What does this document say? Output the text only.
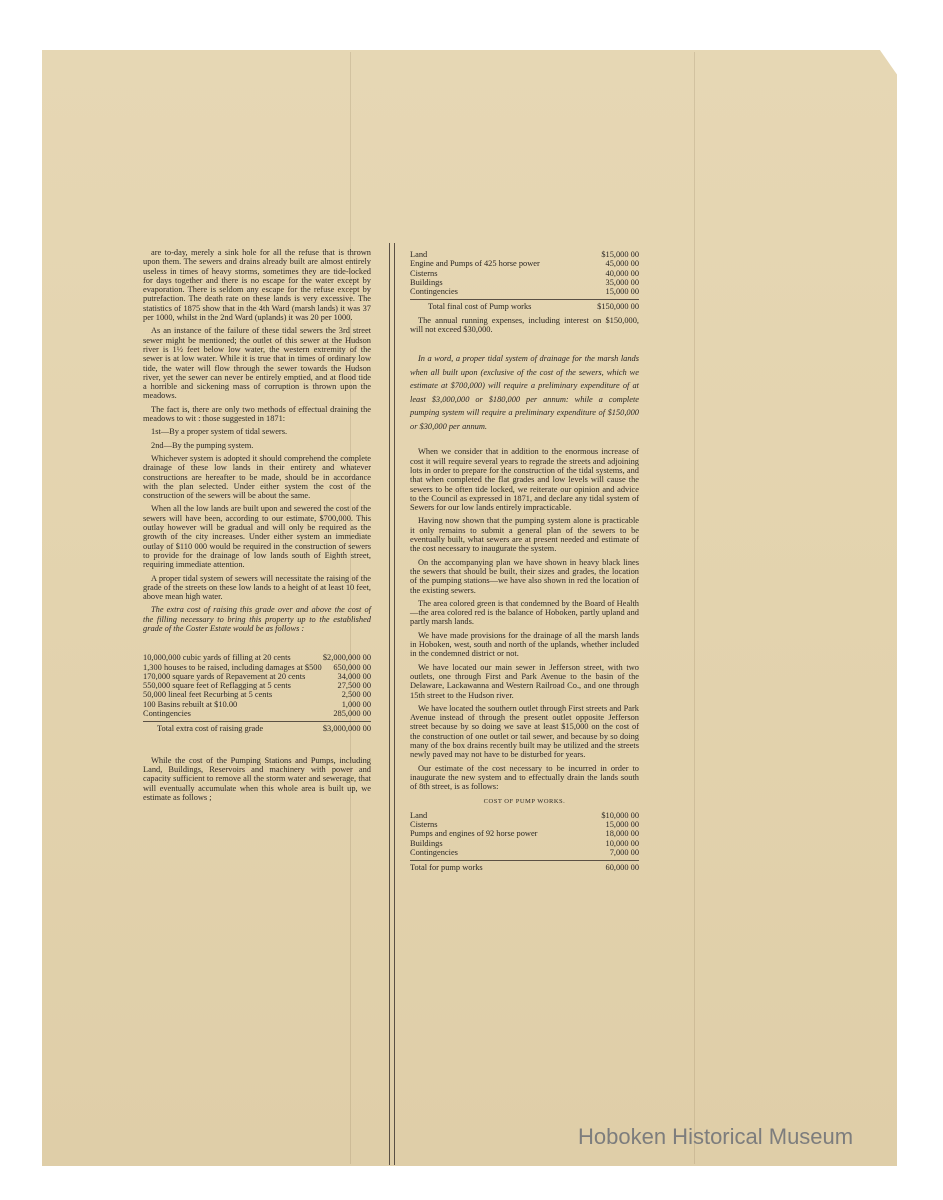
are to-day, merely a sink hole for all the refuse that is thrown upon them. The sewers and drains already built are almost entirely useless in times of heavy storms, sometimes they are tide-locked for days together and there is no escape for the water except by evaporation. There is seldom any escape for the refuse except by putrefaction. The death rate on these lands is very excessive. The statistics of 1875 show that in the 4th Ward (marsh lands) it was 37 per 1000, whilst in the 2nd Ward (uplands) it was 20 per 1000.

As an instance of the failure of these tidal sewers the 3rd street sewer might be mentioned; the outlet of this sewer at the Hudson river is 1½ feet below low water, the western extremity of the sewer is at low water. While it is true that in times of ordinary low tide, the water will flow through the sewer towards the Hudson river, yet the sewer can never be entirely emptied, and at flood tide a horrible and sickening mass of corruption is thrown upon the meadows.

The fact is, there are only two methods of effectual draining the meadows to wit : those suggested in 1871:

1st—By a proper system of tidal sewers.

2nd—By the pumping system.

Whichever system is adopted it should comprehend the complete drainage of these low lands in their entirety and whatever constructions are hereafter to be made, should be in accordance with the plan selected. Under either system the cost of the construction of the sewers will be about the same.

When all the low lands are built upon and sewered the cost of the sewers will have been, according to our estimate, $700,000. This outlay however will be gradual and will only be required as the growth of the city increases. Under either system an immediate outlay of $110 000 would be required in the construction of sewers to provide for the drainage of low lands south of Eighth street, requiring immediate attention.

A proper tidal system of sewers will necessitate the raising of the grade of the streets on these low lands to a height of at least 10 feet, above mean high water.

The extra cost of raising this grade over and above the cost of the filling necessary to bring this property up to the established grade of the Coster Estate would be as follows :

10,000,000 cubic yards of filling at 20 cents	$2,000,000 00
1,300 houses to be raised, including damages at $500	650,000 00
170,000 square yards of Repavement at 20 cents	34,000 00
550,000 square feet of Reflagging at 5 cents	27,500 00
50,000 lineal feet Recurbing at 5 cents	2,500 00
100 Basins rebuilt at $10.00	1,000 00
Contingencies	285,000 00
Total extra cost of raising grade	$3,000,000 00

While the cost of the Pumping Stations and Pumps, including Land, Buildings, Reservoirs and machinery with power and capacity sufficient to remove all the storm water and sewerage, that will eventually accumulate when this whole area is built up, we estimate as follows ;

Land	$15,000 00
Engine and Pumps of 425 horse power	45,000 00
Cisterns	40,000 00
Buildings	35,000 00
Contingencies	15,000 00
Total final cost of Pump works	$150,000 00

The annual running expenses, including interest on $150,000, will not exceed $30,000.

In a word, a proper tidal system of drainage for the marsh lands when all built upon (exclusive of the cost of the sewers, which we estimate at $700,000) will require a preliminary expenditure of at least $3,000,000 or $180,000 per annum: while a complete pumping system will require a preliminary expenditure of $150,000 or $30,000 per annum.

When we consider that in addition to the enormous increase of cost it will require several years to regrade the streets and adjoining lots in order to prepare for the construction of the tidal systems, and that when completed the flat grades and low levels will cause the sewers to be often tide locked, we reiterate our opinion and advice to the Council as expressed in 1871, and declare any tidal system of Sewers for our low lands entirely impracticable.

Having now shown that the pumping system alone is practicable it only remains to submit a general plan of the sewers to be eventually built, what sewers are at present needed and estimate of the cost necessary to inaugurate the system.

On the accompanying plan we have shown in heavy black lines the sewers that should be built, their sizes and grades, the location of the pumping stations—we have also shown in red the location of the existing sewers.

The area colored green is that condemned by the Board of Health—the area colored red is the balance of Hoboken, partly upland and partly marsh lands.

We have made provisions for the drainage of all the marsh lands in Hoboken, west, south and north of the uplands, whether included in the condemned district or not.

We have located our main sewer in Jefferson street, with two outlets, one through First and Park Avenue to the basin of the Delaware, Lackawanna and Western Railroad Co., and one through 15th street to the Hudson river.

We have located the southern outlet through First streets and Park Avenue instead of through the present outlet opposite Jefferson street because by so doing we save at least $15,000 on the cost of the construction of one outlet or tail sewer, and because by so doing many of the box drains recently built may be utilized and the streets newly paved may not have to be disturbed for years.

Our estimate of the cost necessary to be incurred in order to inaugurate the new system and to effectually drain the lands south of 8th street, is as follows:

COST OF PUMP WORKS.
Land	$10,000 00
Cisterns	15,000 00
Pumps and engines of 92 horse power	18,000 00
Buildings	10,000 00
Contingencies	7,000 00
Total for pump works	60,000 00
Hoboken Historical Museum
